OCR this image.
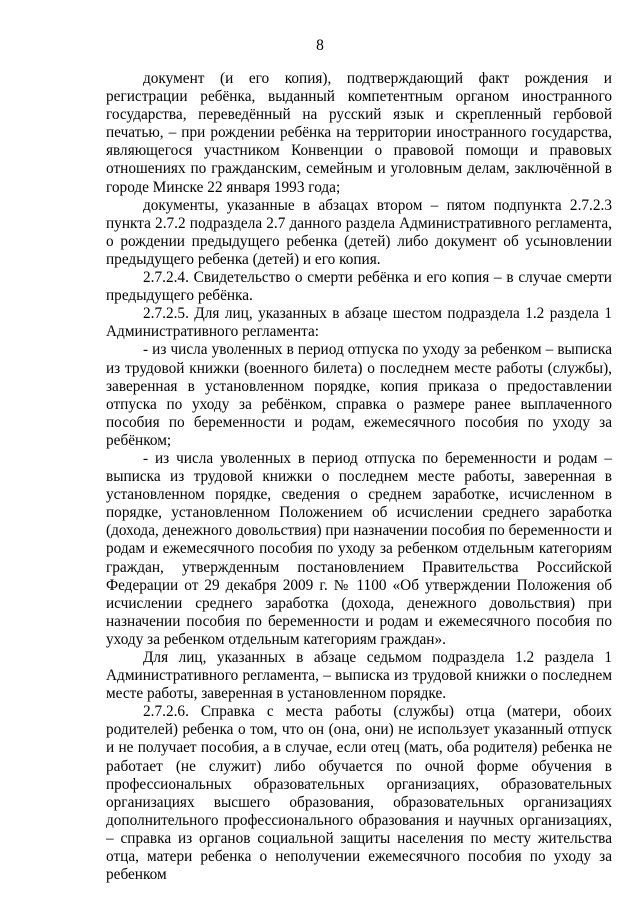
8

документ (и его копия), подтверждающий факт рождения и регистрации ребёнка, выданный компетентным органом иностранного государства, переведённый на русский язык и скрепленный гербовой печатью, – при рождении ребёнка на территории иностранного государства, являющегося участником Конвенции о правовой помощи и правовых отношениях по гражданским, семейным и уголовным делам, заключённой в городе Минске 22 января 1993 года;

документы, указанные в абзацах втором – пятом подпункта 2.7.2.3 пункта 2.7.2 подраздела 2.7 данного раздела Административного регламента, о рождении предыдущего ребенка (детей) либо документ об усыновлении предыдущего ребенка (детей) и его копия.

2.7.2.4. Свидетельство о смерти ребёнка и его копия – в случае смерти предыдущего ребёнка.

2.7.2.5. Для лиц, указанных в абзаце шестом подраздела 1.2 раздела 1 Административного регламента:

- из числа уволенных в период отпуска по уходу за ребенком – выписка из трудовой книжки (военного билета) о последнем месте работы (службы), заверенная в установленном порядке, копия приказа о предоставлении отпуска по уходу за ребёнком, справка о размере ранее выплаченного пособия по беременности и родам, ежемесячного пособия по уходу за ребёнком;

- из числа уволенных в период отпуска по беременности и родам – выписка из трудовой книжки о последнем месте работы, заверенная в установленном порядке, сведения о среднем заработке, исчисленном в порядке, установленном Положением об исчислении среднего заработка (дохода, денежного довольствия) при назначении пособия по беременности и родам и ежемесячного пособия по уходу за ребенком отдельным категориям граждан, утвержденным постановлением Правительства Российской Федерации от 29 декабря 2009 г. № 1100 «Об утверждении Положения об исчислении среднего заработка (дохода, денежного довольствия) при назначении пособия по беременности и родам и ежемесячного пособия по уходу за ребенком отдельным категориям граждан».

Для лиц, указанных в абзаце седьмом подраздела 1.2 раздела 1 Административного регламента, – выписка из трудовой книжки о последнем месте работы, заверенная в установленном порядке.

2.7.2.6. Справка с места работы (службы) отца (матери, обоих родителей) ребенка о том, что он (она, они) не использует указанный отпуск и не получает пособия, а в случае, если отец (мать, оба родителя) ребенка не работает (не служит) либо обучается по очной форме обучения в профессиональных образовательных организациях, образовательных организациях высшего образования, образовательных организациях дополнительного профессионального образования и научных организациях, – справка из органов социальной защиты населения по месту жительства отца, матери ребенка о неполучении ежемесячного пособия по уходу за ребенком
